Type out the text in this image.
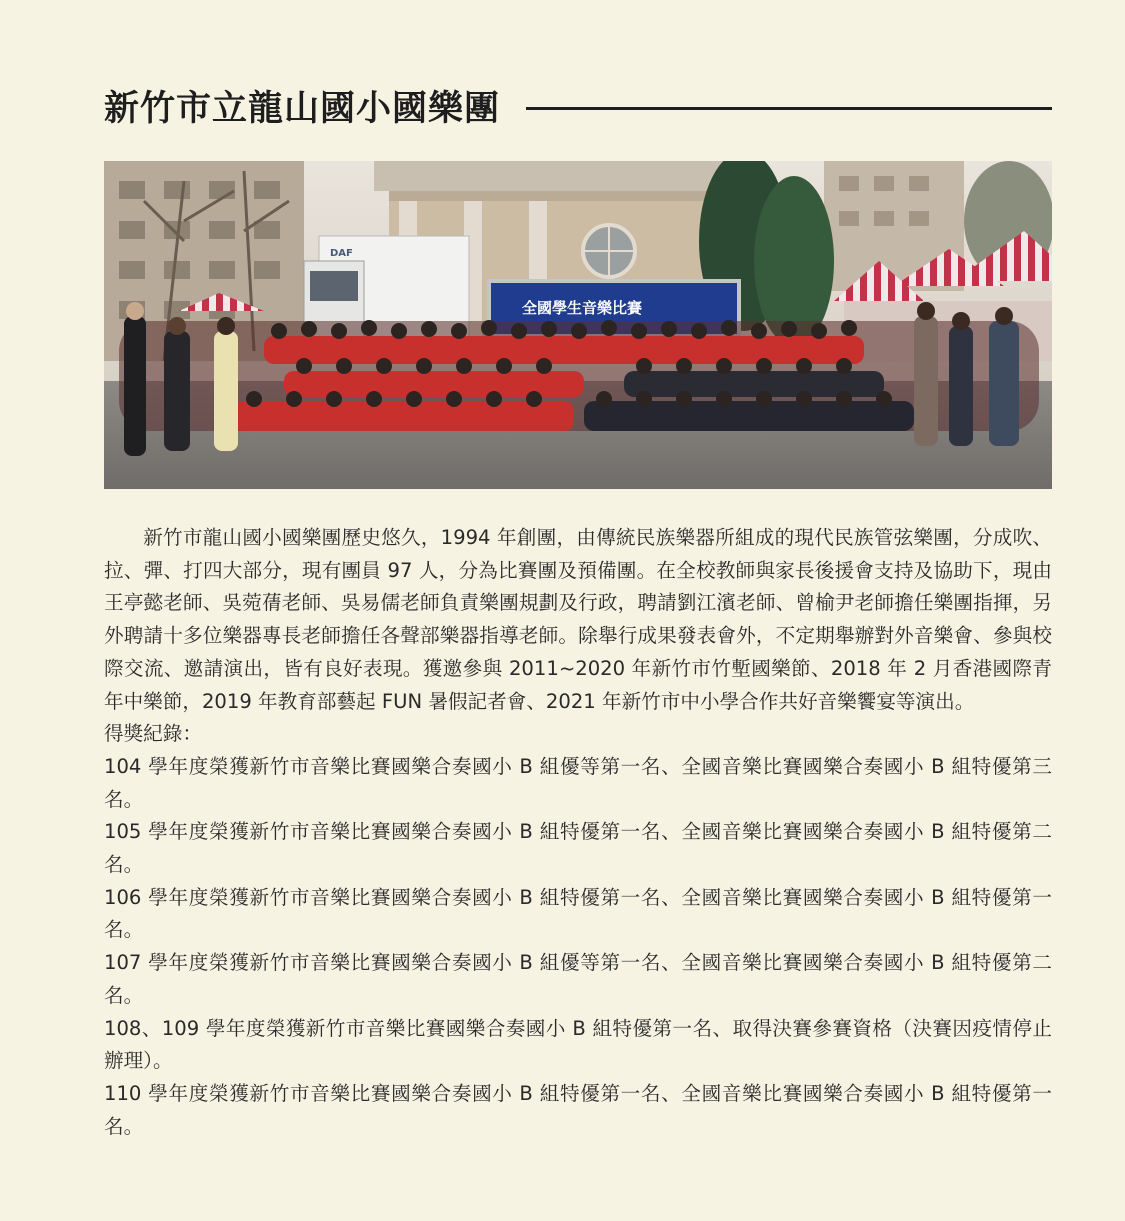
新竹市立龍山國小國樂團
DAF
全國學生音樂比賽

新竹市龍山國小國樂團歷史悠久，1994 年創團，由傳統民族樂器所組成的現代民族管弦樂團，分成吹、拉、彈、打四大部分，現有團員 97 人，分為比賽團及預備團。在全校教師與家長後援會支持及協助下，現由王亭懿老師、吳菀蒨老師、吳易儒老師負責樂團規劃及行政，聘請劉江濱老師、曾榆尹老師擔任樂團指揮，另外聘請十多位樂器專長老師擔任各聲部樂器指導老師。除舉行成果發表會外，不定期舉辦對外音樂會、參與校際交流、邀請演出，皆有良好表現。獲邀參與 2011~2020 年新竹市竹塹國樂節、2018 年 2 月香港國際青年中樂節，2019 年教育部藝起 FUN 暑假記者會、2021 年新竹市中小學合作共好音樂饗宴等演出。

得獎紀錄：

104 學年度榮獲新竹市音樂比賽國樂合奏國小 B 組優等第一名、全國音樂比賽國樂合奏國小 B 組特優第三名。

105 學年度榮獲新竹市音樂比賽國樂合奏國小 B 組特優第一名、全國音樂比賽國樂合奏國小 B 組特優第二名。

106 學年度榮獲新竹市音樂比賽國樂合奏國小 B 組特優第一名、全國音樂比賽國樂合奏國小 B 組特優第一名。

107 學年度榮獲新竹市音樂比賽國樂合奏國小 B 組優等第一名、全國音樂比賽國樂合奏國小 B 組特優第二名。

108、109 學年度榮獲新竹市音樂比賽國樂合奏國小 B 組特優第一名、取得決賽參賽資格（決賽因疫情停止辦理）。

110 學年度榮獲新竹市音樂比賽國樂合奏國小 B 組特優第一名、全國音樂比賽國樂合奏國小 B 組特優第一名。
